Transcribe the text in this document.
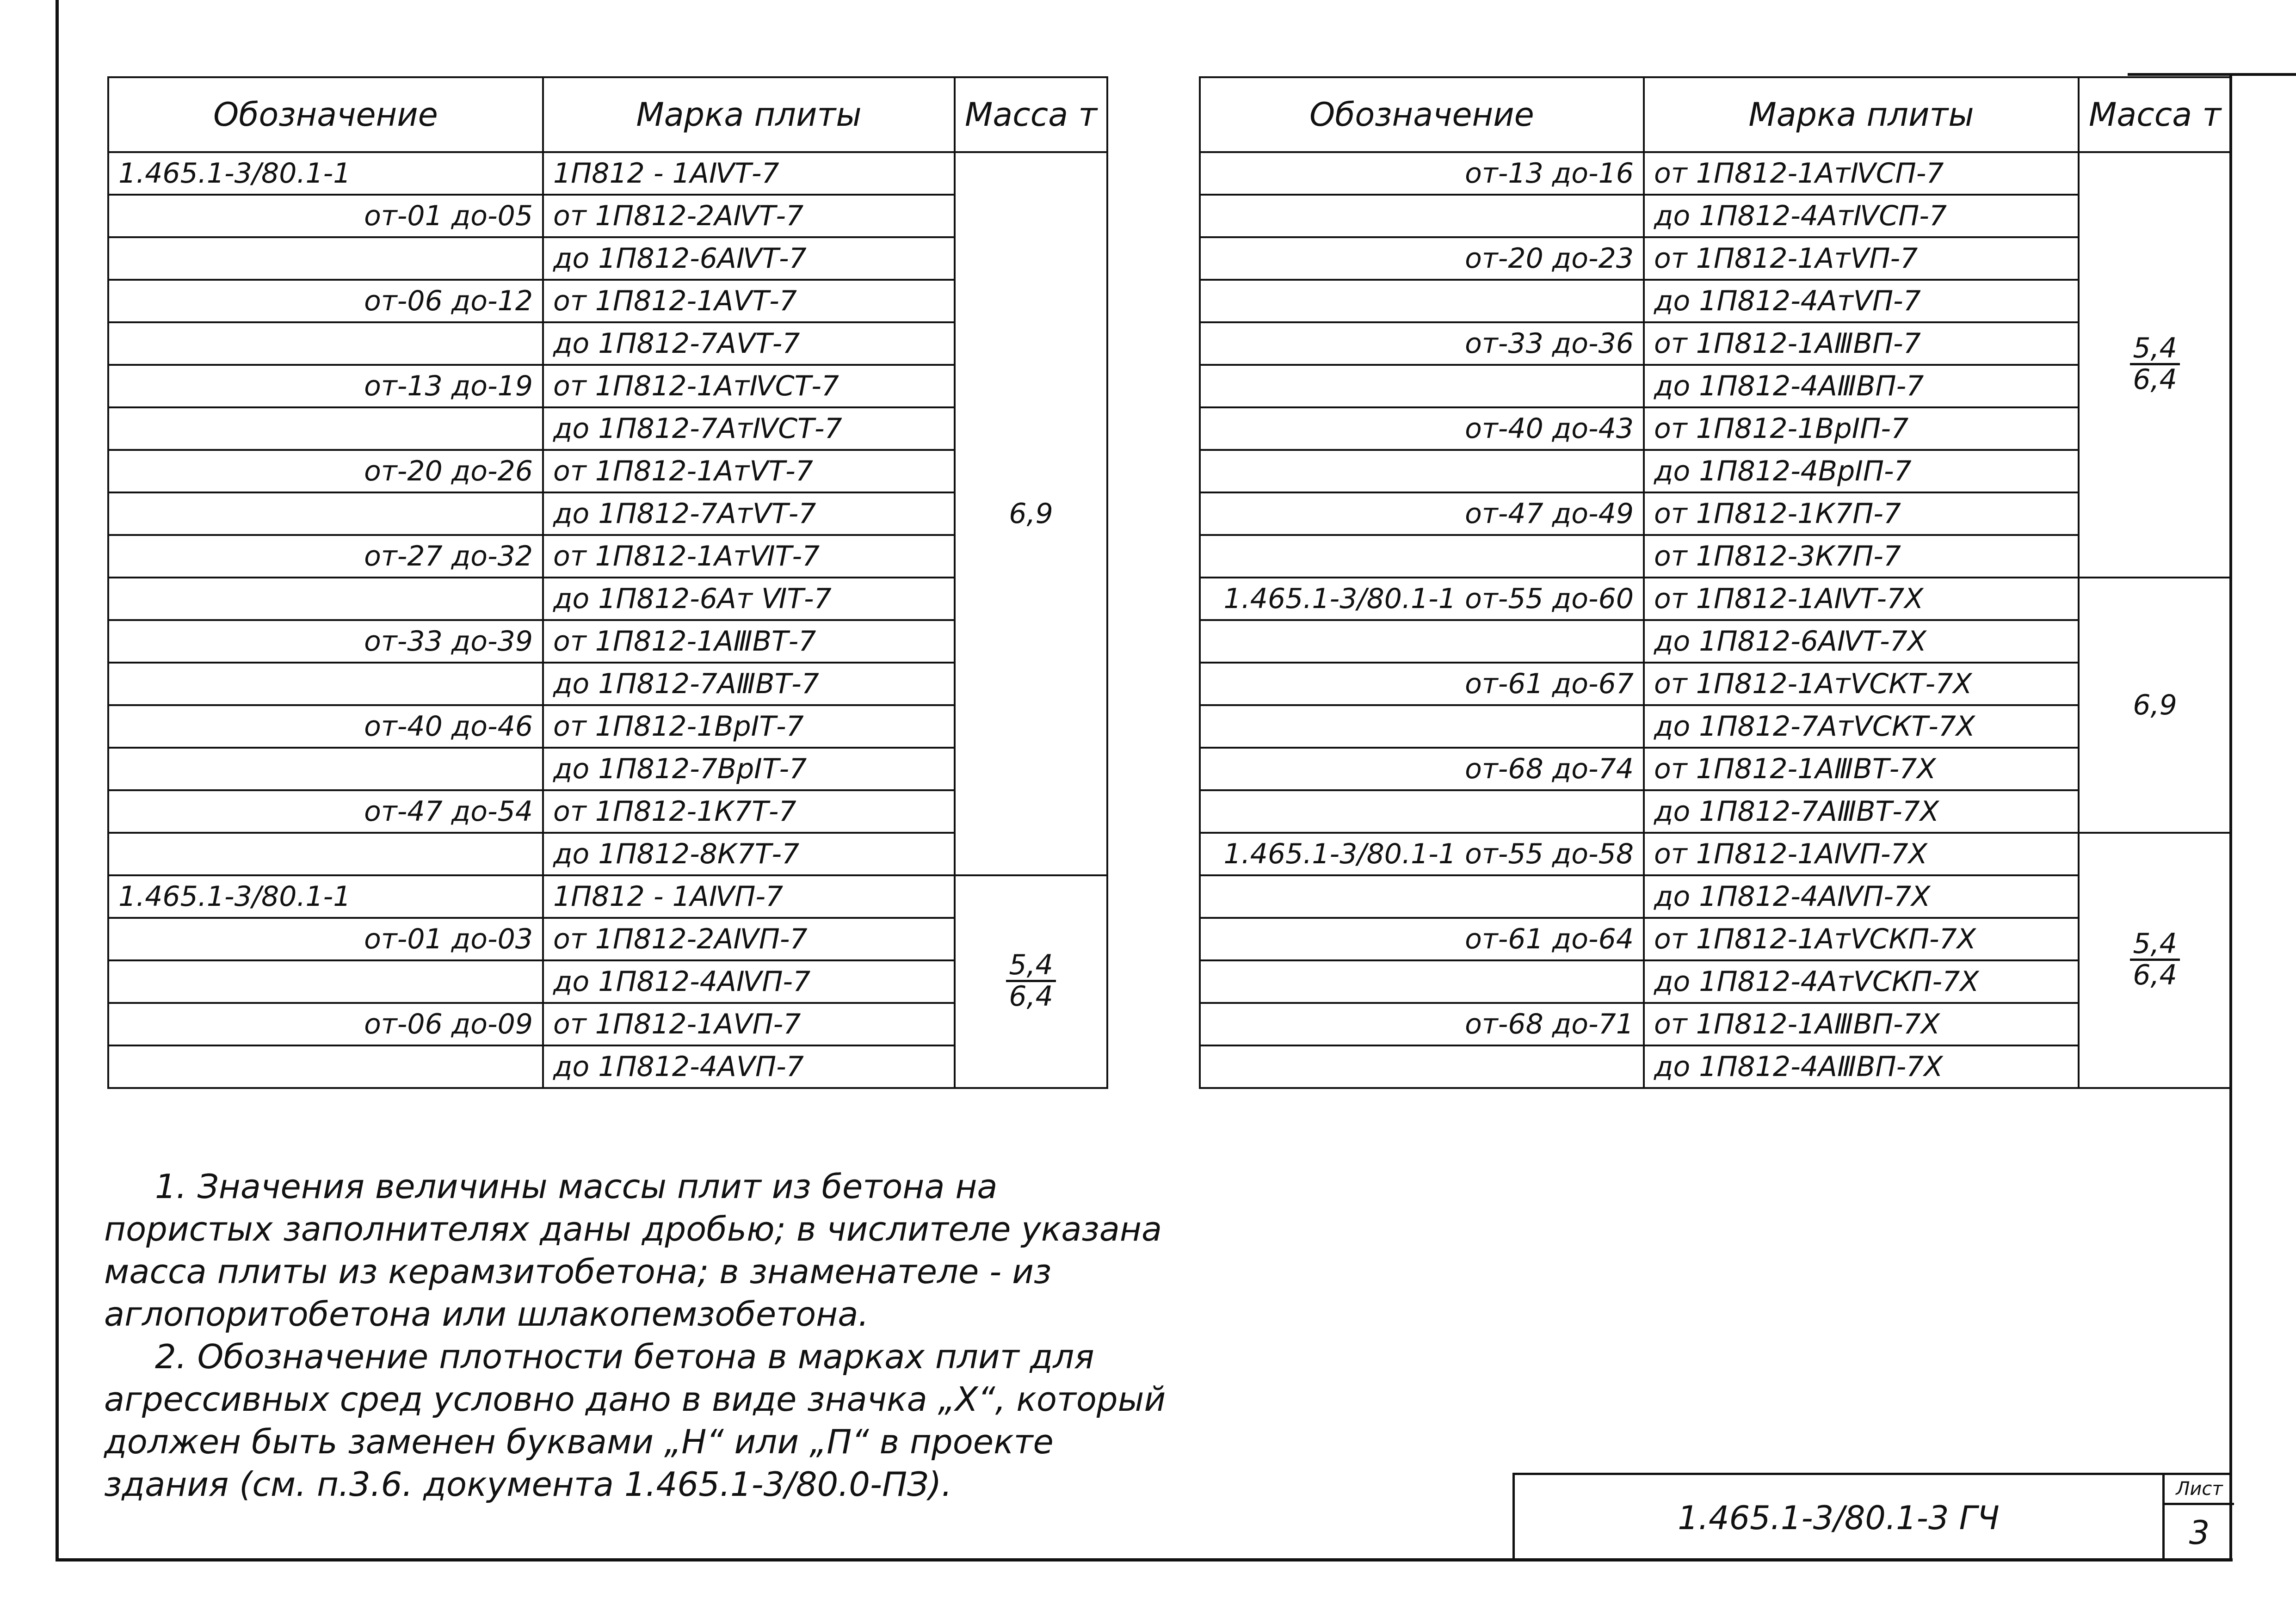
Обозначение	Марка плиты	Масса т
1.465.1-3/80.1-1	1П812 - 1АⅣТ-7	6,9
от-01 до-05	от 1П812-2АⅣТ-7	
	до 1П812-6АⅣТ-7	
от-06 до-12	от 1П812-1АⅤТ-7	
	до 1П812-7АⅤТ-7	
от-13 до-19	от 1П812-1АтⅣСТ-7	
	до 1П812-7АтⅣСТ-7	
от-20 до-26	от 1П812-1АтⅤТ-7	
	до 1П812-7АтⅤТ-7	
от-27 до-32	от 1П812-1АтⅥТ-7	
	до 1П812-6Ат ⅥТ-7	
от-33 до-39	от 1П812-1АⅢВТ-7	
	до 1П812-7АⅢВТ-7	
от-40 до-46	от 1П812-1ВрⅠТ-7	
	до 1П812-7ВрⅠТ-7	
от-47 до-54	от 1П812-1К7Т-7	
	до 1П812-8К7Т-7	
1.465.1-3/80.1-1	1П812 - 1АⅣП-7	$\frac{5,4}{6,4}$

от-01 до-03	от 1П812-2АⅣП-7	
	до 1П812-4АⅣП-7	
от-06 до-09	от 1П812-1АⅤП-7	
	до 1П812-4АⅤП-7	
Обозначение	Марка плиты	Масса т
от-13 до-16	от 1П812-1АтⅣСП-7	$\frac{5,4}{6,4}$

	до 1П812-4АтⅣСП-7	
от-20 до-23	от 1П812-1АтⅤП-7	
	до 1П812-4АтⅤП-7	
от-33 до-36	от 1П812-1АⅢВП-7	
	до 1П812-4АⅢВП-7	
от-40 до-43	от 1П812-1ВрⅠП-7	
	до 1П812-4ВрⅠП-7	
от-47 до-49	от 1П812-1К7П-7	
	от 1П812-3К7П-7	
1.465.1-3/80.1-1 от-55 до-60	от 1П812-1АⅣТ-7Х	6,9
	до 1П812-6АⅣТ-7Х	
от-61 до-67	от 1П812-1АтⅤСКТ-7Х	
	до 1П812-7АтⅤСКТ-7Х	
от-68 до-74	от 1П812-1АⅢВТ-7Х	
	до 1П812-7АⅢВТ-7Х	
1.465.1-3/80.1-1 от-55 до-58	от 1П812-1АⅣП-7Х	$\frac{5,4}{6,4}$

	до 1П812-4АⅣП-7Х	
от-61 до-64	от 1П812-1АтⅤСКП-7Х	
	до 1П812-4АтⅤСКП-7Х	
от-68 до-71	от 1П812-1АⅢВП-7Х	
	до 1П812-4АⅢВП-7Х	

1. Значения величины массы плит из бетона на пористых заполнителях даны дробью; в числителе указана масса плиты из керамзитобетона; в знаменателе - из аглопоритобетона или шлакопемзобетона.

2. Обозначение плотности бетона в марках плит для агрессивных сред условно дано в виде значка „Х“, который должен быть заменен буквами „Н“ или „П“ в проекте здания (см. п.3.6. документа 1.465.1-3/80.0-ПЗ).

1.465.1-3/80.1-3 ГЧ
Лист
3
